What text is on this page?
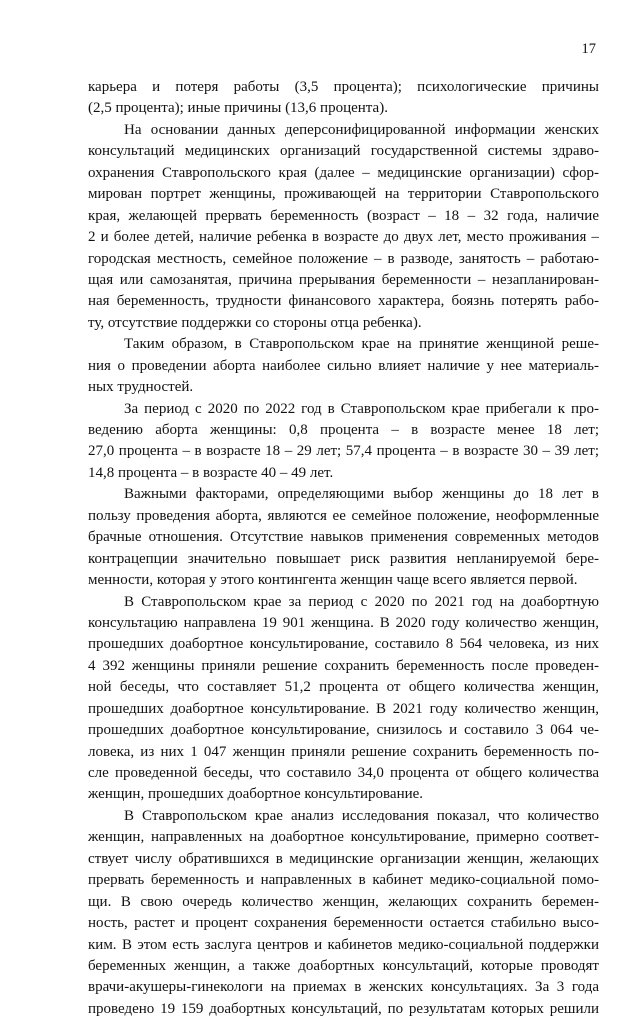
17
карьера и потеря работы (3,5 процента); психологические причины
(2,5 процента); иные причины (13,6 процента).
На основании данных деперсонифицированной информации женских
консультаций медицинских организаций государственной системы здраво-
охранения Ставропольского края (далее – медицинские организации) сфор-
мирован портрет женщины, проживающей на территории Ставропольского
края, желающей прервать беременность (возраст – 18 – 32 года, наличие
2 и более детей, наличие ребенка в возрасте до двух лет, место проживания –
городская местность, семейное положение – в разводе, занятость – работаю-
щая или самозанятая, причина прерывания беременности – незапланирован-
ная беременность, трудности финансового характера, боязнь потерять рабо-
ту, отсутствие поддержки со стороны отца ребенка).
Таким образом, в Ставропольском крае на принятие женщиной реше-
ния о проведении аборта наиболее сильно влияет наличие у нее материаль-
ных трудностей.
За период с 2020 по 2022 год в Ставропольском крае прибегали к про-
ведению аборта женщины: 0,8 процента – в возрасте менее 18 лет;
27,0 процента – в возрасте 18 – 29 лет; 57,4 процента – в возрасте 30 – 39 лет;
14,8 процента – в возрасте 40 – 49 лет.
Важными факторами, определяющими выбор женщины до 18 лет в
пользу проведения аборта, являются ее семейное положение, неоформленные
брачные отношения. Отсутствие навыков применения современных методов
контрацепции значительно повышает риск развития непланируемой бере-
менности, которая у этого контингента женщин чаще всего является первой.
В Ставропольском крае за период с 2020 по 2021 год на доабортную
консультацию направлена 19 901 женщина. В 2020 году количество женщин,
прошедших доабортное консультирование, составило 8 564 человека, из них
4 392 женщины приняли решение сохранить беременность после проведен-
ной беседы, что составляет 51,2 процента от общего количества женщин,
прошедших доабортное консультирование. В 2021 году количество женщин,
прошедших доабортное консультирование, снизилось и составило 3 064 че-
ловека, из них 1 047 женщин приняли решение сохранить беременность по-
сле проведенной беседы, что составило 34,0 процента от общего количества
женщин, прошедших доабортное консультирование.
В Ставропольском крае анализ исследования показал, что количество
женщин, направленных на доабортное консультирование, примерно соответ-
ствует числу обратившихся в медицинские организации женщин, желающих
прервать беременность и направленных в кабинет медико-социальной помо-
щи. В свою очередь количество женщин, желающих сохранить беремен-
ность, растет и процент сохранения беременности остается стабильно высо-
ким. В этом есть заслуга центров и кабинетов медико-социальной поддержки
беременных женщин, а также доабортных консультаций, которые проводят
врачи-акушеры-гинекологи на приемах в женских консультациях. За 3 года
проведено 19 159 доабортных консультаций, по результатам которых решили
